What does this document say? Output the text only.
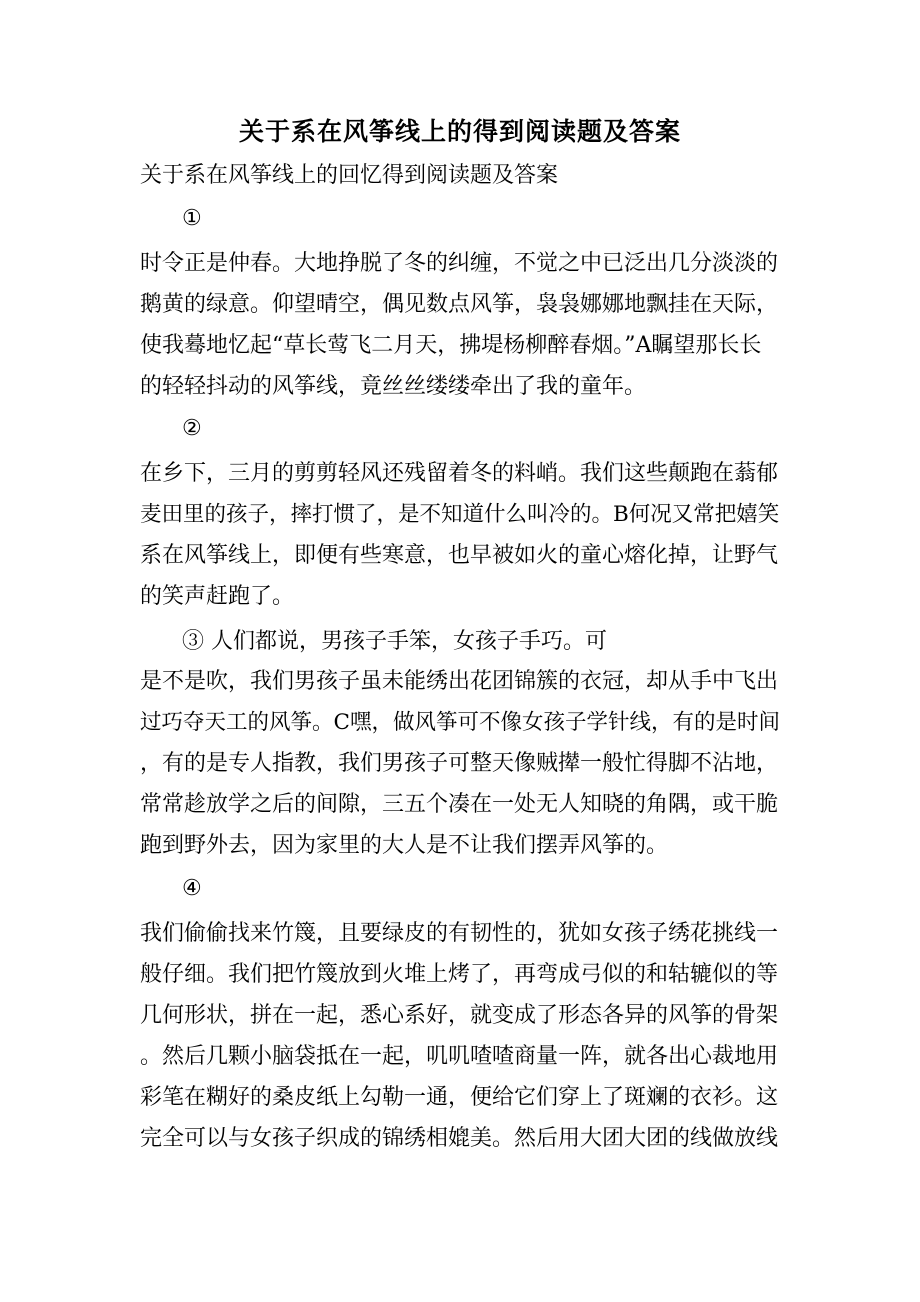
关于系在风筝线上的得到阅读题及答案
关于系在风筝线上的回忆得到阅读题及答案
①
时令正是仲春。大地挣脱了冬的纠缠，不觉之中已泛出几分淡淡的
鹅黄的绿意。仰望晴空，偶见数点风筝，袅袅娜娜地飘挂在天际，
使我蓦地忆起“草长莺飞二月天，拂堤杨柳醉春烟。”A瞩望那长长
的轻轻抖动的风筝线，竟丝丝缕缕牵出了我的童年。
②
在乡下，三月的剪剪轻风还残留着冬的料峭。我们这些颠跑在蓊郁
麦田里的孩子，摔打惯了，是不知道什么叫冷的。B何况又常把嬉笑
系在风筝线上，即便有些寒意，也早被如火的童心熔化掉，让野气
的笑声赶跑了。
③ 人们都说，男孩子手笨，女孩子手巧。可
是不是吹，我们男孩子虽未能绣出花团锦簇的衣冠，却从手中飞出
过巧夺天工的风筝。C嘿，做风筝可不像女孩子学针线，有的是时间
，有的是专人指教，我们男孩子可整天像贼撵一般忙得脚不沾地，
常常趁放学之后的间隙，三五个凑在一处无人知晓的角隅，或干脆
跑到野外去，因为家里的大人是不让我们摆弄风筝的。
④
我们偷偷找来竹篾，且要绿皮的有韧性的，犹如女孩子绣花挑线一
般仔细。我们把竹篾放到火堆上烤了，再弯成弓似的和轱辘似的等
几何形状，拼在一起，悉心系好，就变成了形态各异的风筝的骨架
。然后几颗小脑袋抵在一起，叽叽喳喳商量一阵，就各出心裁地用
彩笔在糊好的桑皮纸上勾勒一通，便给它们穿上了斑斓的衣衫。这
完全可以与女孩子织成的锦绣相媲美。然后用大团大团的线做放线
